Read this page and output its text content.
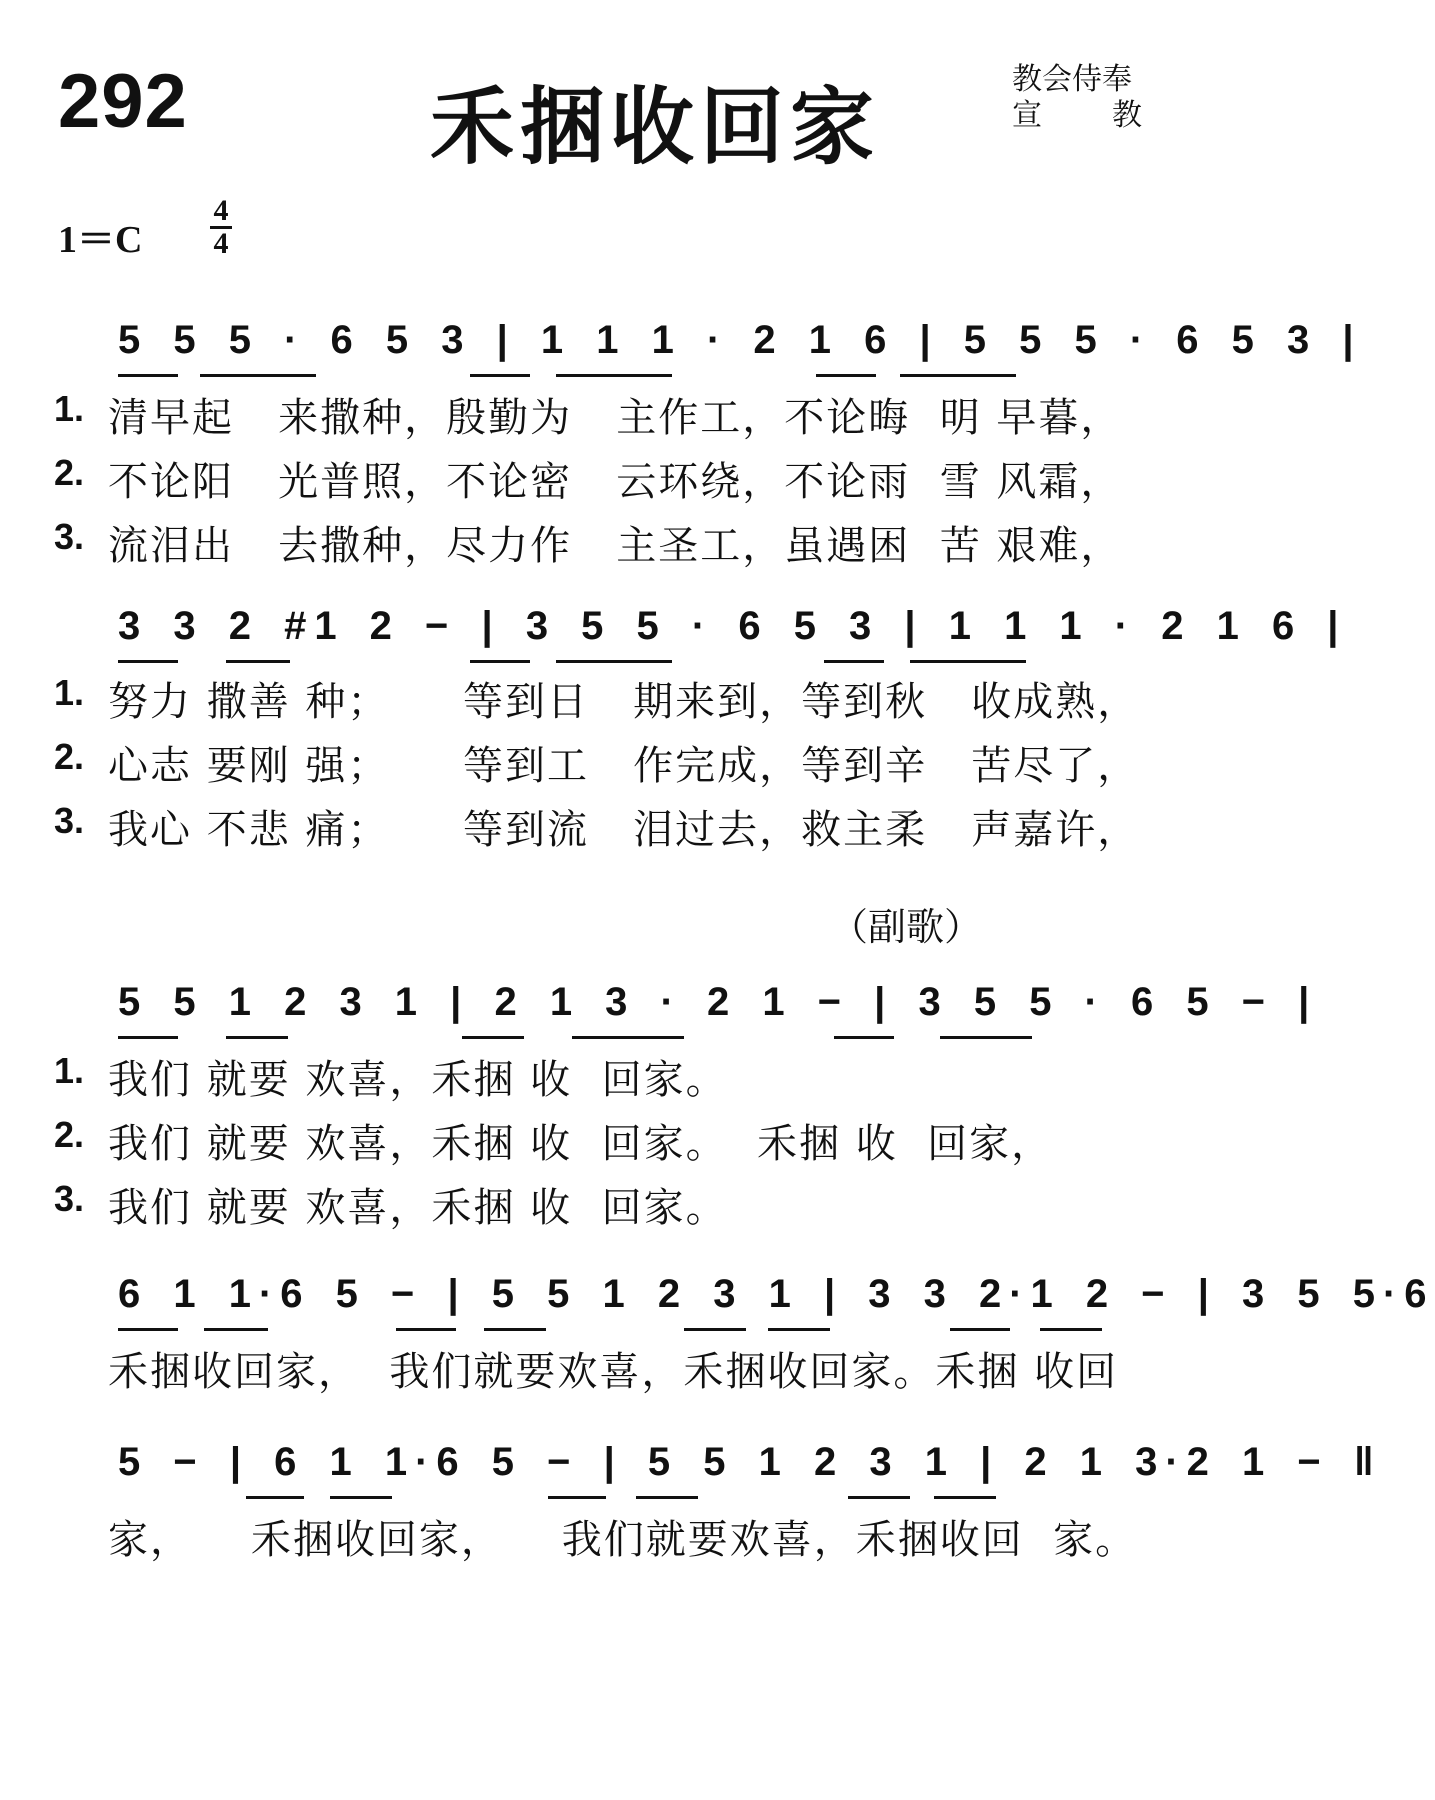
292	禾捆收回家	教会侍奉
宣 教
1＝C
4
4
5 5 5 · 6 5 3 | 1 1 1 · 2 1 6 | 5 5 5 · 6 5 3 |
1. 清早起   来撒种，殷勤为   主作工，不论晦  明 早暮，
2. 不论阳   光普照，不论密   云环绕，不论雨  雪 风霜，
3. 流泪出   去撒种，尽力作   主圣工，虽遇困  苦 艰难，
3 3 2 #1 2 − | 3 5 5 · 6 5 3 | 1 1 1 · 2 1 6 |
1. 努力 撒善 种；     等到日   期来到，等到秋   收成熟，
2. 心志 要刚 强；     等到工   作完成，等到辛   苦尽了，
3. 我心 不悲 痛；     等到流   泪过去，救主柔   声嘉许，
（副歌）
5 5 1 2 3 1 | 2 1 3 · 2 1 − | 3 5 5 · 6 5 − |
1. 我们 就要 欢喜，禾捆 收  回家。
2. 我们 就要 欢喜，禾捆 收  回家。  禾捆 收  回家，
3. 我们 就要 欢喜，禾捆 收  回家。
6 1 1·6 5 − | 5 5 1 2 3 1 | 3 3 2·1 2 − | 3 5 5·6
禾捆收回家，  我们就要欢喜，禾捆收回家。禾捆 收回
5 − | 6 1 1·6 5 − | 5 5 1 2 3 1 | 2 1 3·2 1 − ‖
家，    禾捆收回家，    我们就要欢喜，禾捆收回  家。
